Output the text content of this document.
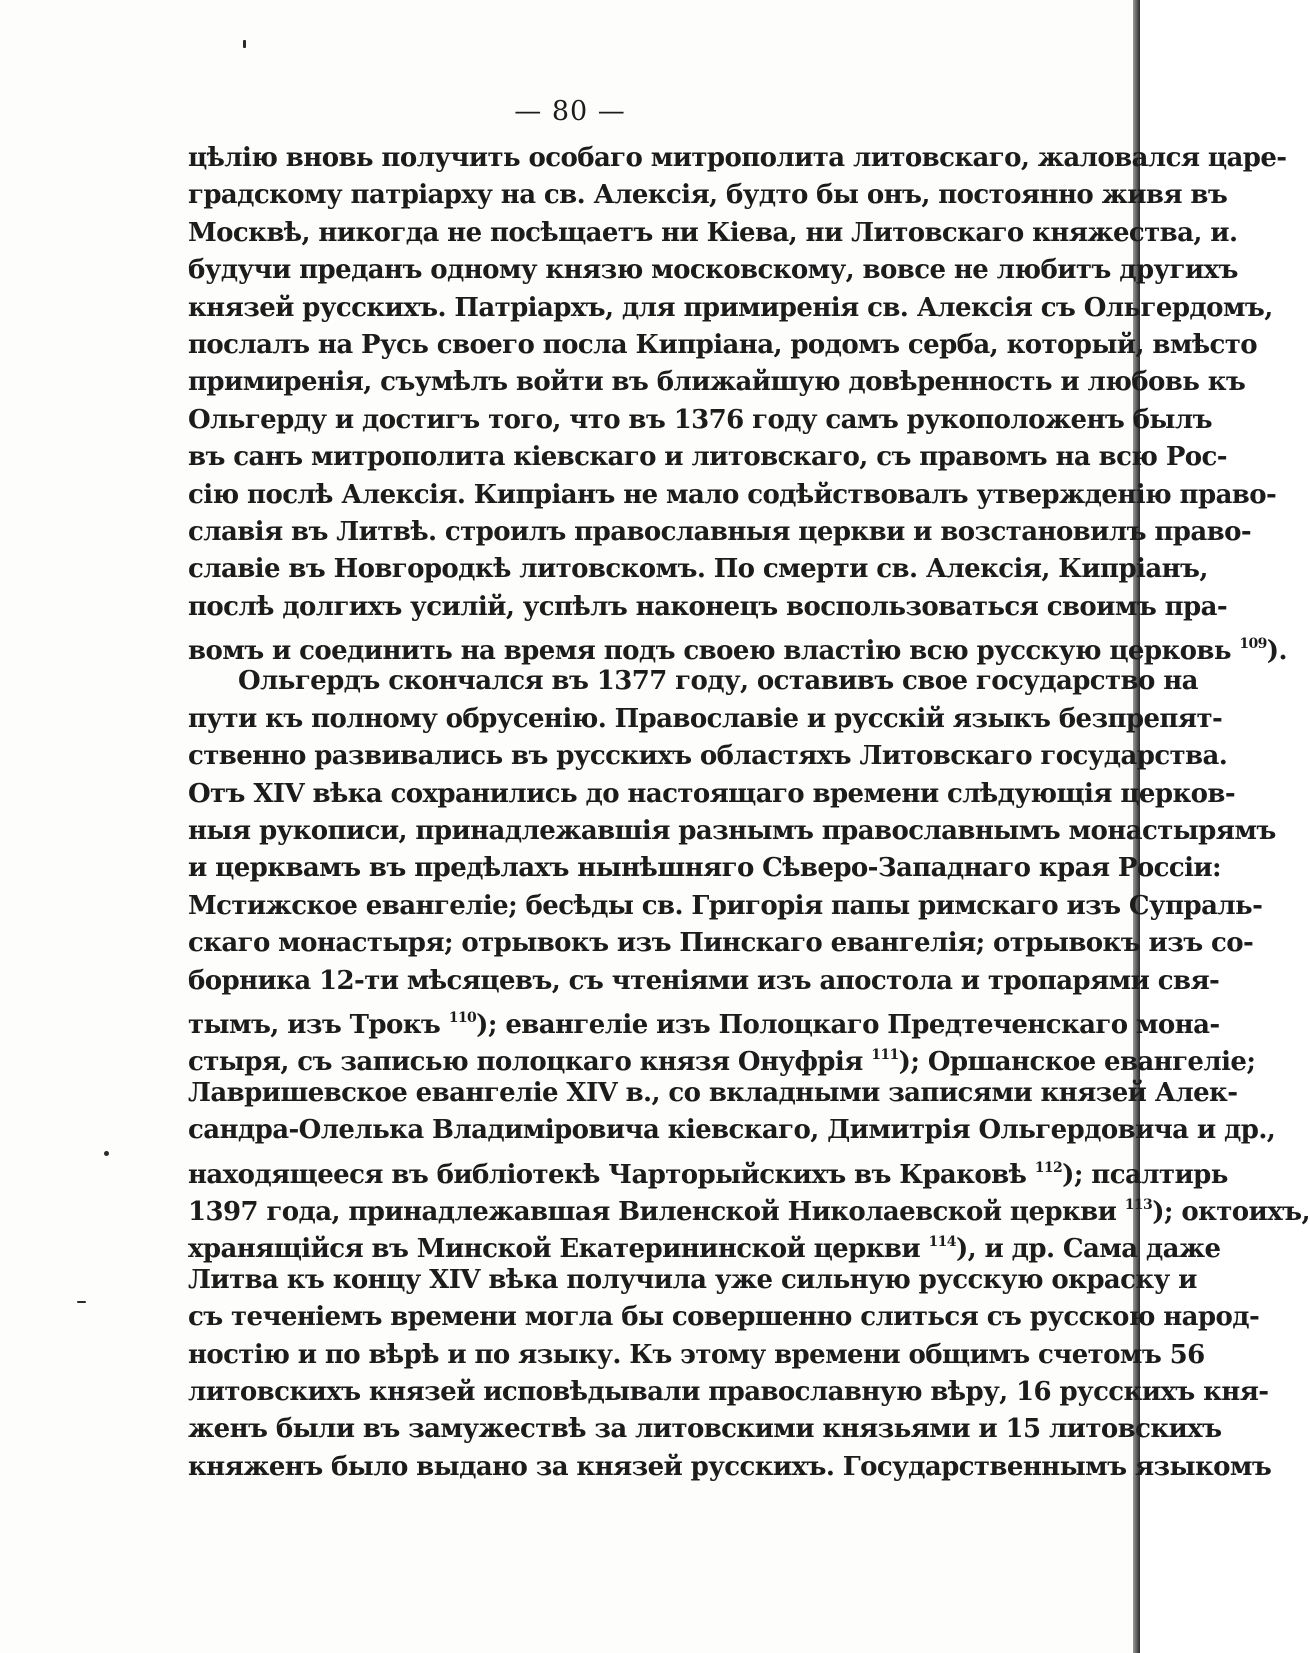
— 80 —
цѣлію вновь получить особаго митрополита литовскаго, жаловался царе-
градскому патріарху на св. Алексія, будто бы онъ, постоянно живя въ
Москвѣ, никогда не посѣщаетъ ни Кіева, ни Литовскаго княжества, и.
будучи преданъ одному князю московскому, вовсе не любитъ другихъ
князей русскихъ. Патріархъ, для примиренія св. Алексія съ Ольгердомъ,
послалъ на Русь своего посла Кипріана, родомъ серба, который, вмѣсто
примиренія, съумѣлъ войти въ ближайшую довѣренность и любовь къ
Ольгерду и достигъ того, что въ 1376 году самъ рукоположенъ былъ
въ санъ митрополита кіевскаго и литовскаго, съ правомъ на всю Рос-
сію послѣ Алексія. Кипріанъ не мало содѣйствовалъ утвержденію право-
славія въ Литвѣ. строилъ православныя церкви и возстановилъ право-
славіе въ Новгородкѣ литовскомъ. По смерти св. Алексія, Кипріанъ,
послѣ долгихъ усилій, успѣлъ наконецъ воспользоваться своимъ пра-
вомъ и соединить на время подъ своею властію всю русскую церковь $^{109}$).
Ольгердъ скончался въ 1377 году, оставивъ свое государство на
пути къ полному обрусенію. Православіе и русскій языкъ безпрепят-
ственно развивались въ русскихъ областяхъ Литовскаго государства.
Отъ XIV вѣка сохранились до настоящаго времени слѣдующія церков-
ныя рукописи, принадлежавшія разнымъ православнымъ монастырямъ
и церквамъ въ предѣлахъ нынѣшняго Сѣверо-Западнаго края Россіи:
Мстижское евангеліе; бесѣды св. Григорія папы римскаго изъ Супраль-
скаго монастыря; отрывокъ изъ Пинскаго евангелія; отрывокъ изъ со-
борника 12-ти мѣсяцевъ, съ чтеніями изъ апостола и тропарями свя-
тымъ, изъ Трокъ $^{110}$); евангеліе изъ Полоцкаго Предтеченскаго мона-
стыря, съ записью полоцкаго князя Онуфрія $^{111}$); Оршанское евангеліе;
Лавришевское евангеліе XIV в., со вкладными записями князей Алек-
сандра-Олелька Владиміровича кіевскаго, Димитрія Ольгердовича и др.,
находящееся въ библіотекѣ Чарторыйскихъ въ Краковѣ $^{112}$); псалтирь
1397 года, принадлежавшая Виленской Николаевской церкви $^{113}$); октоихъ,
хранящійся въ Минской Екатерининской церкви $^{114}$), и др. Сама даже
Литва къ концу XIV вѣка получила уже сильную русскую окраску и
съ теченіемъ времени могла бы совершенно слиться съ русскою народ-
ностію и по вѣрѣ и по языку. Къ этому времени общимъ счетомъ 56
литовскихъ князей исповѣдывали православную вѣру, 16 русскихъ кня-
женъ были въ замужествѣ за литовскими князьями и 15 литовскихъ
княженъ было выдано за князей русскихъ. Государственнымъ языкомъ
